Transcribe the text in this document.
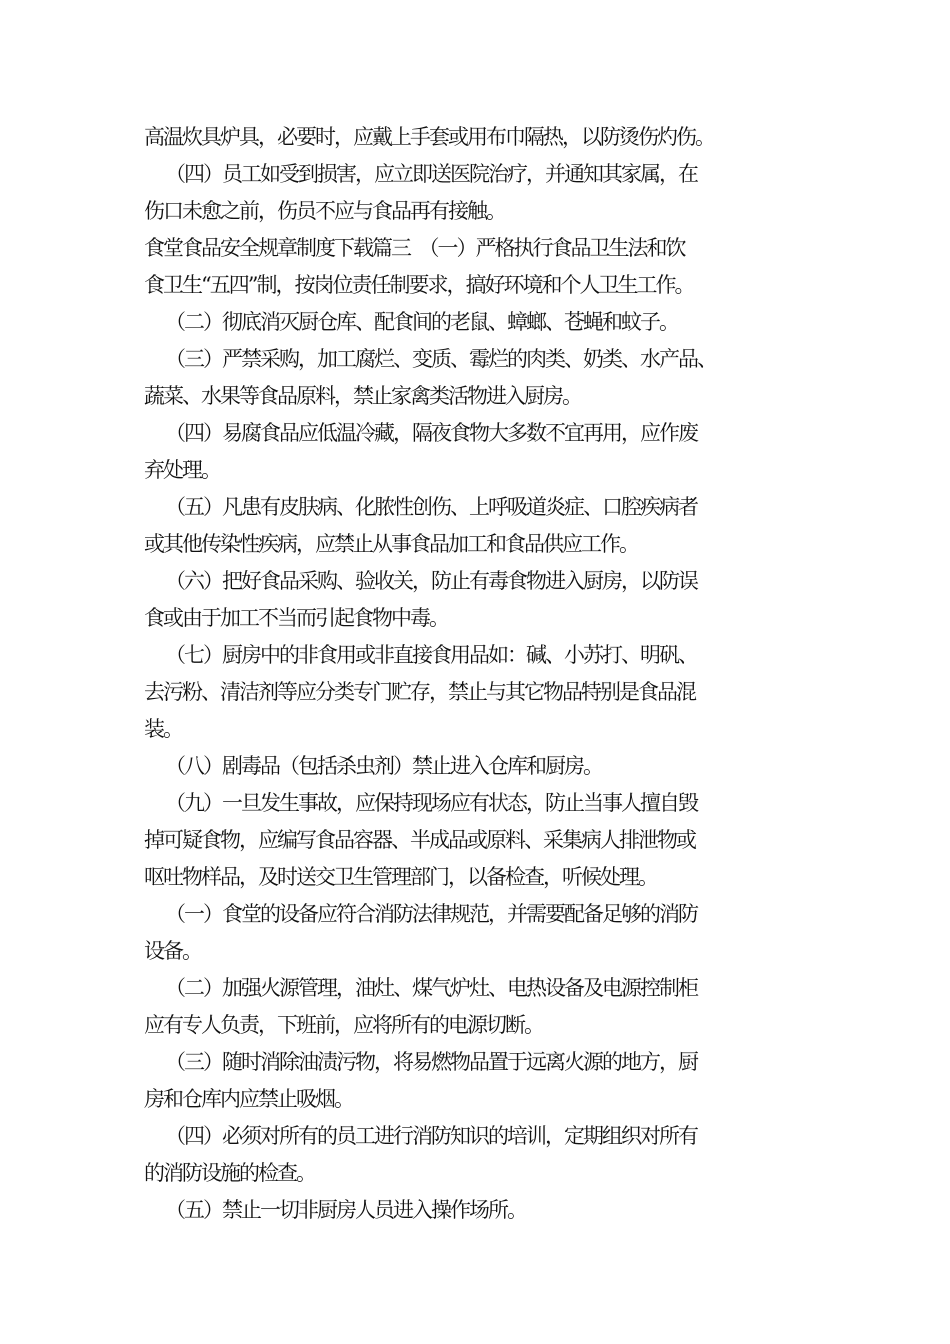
高温炊具炉具，必要时，应戴上手套或用布巾隔热，以防烫伤灼伤。
（四）员工如受到损害，应立即送医院治疗，并通知其家属，在
伤口未愈之前，伤员不应与食品再有接触。
食堂食品安全规章制度下载篇三　（一）严格执行食品卫生法和饮
食卫生“五四”制，按岗位责任制要求，搞好环境和个人卫生工作。
（二）彻底消灭厨仓库、配食间的老鼠、蟑螂、苍蝇和蚊子。
（三）严禁采购，加工腐烂、变质、霉烂的肉类、奶类、水产品、
蔬菜、水果等食品原料，禁止家禽类活物进入厨房。
（四）易腐食品应低温冷藏，隔夜食物大多数不宜再用，应作废
弃处理。
（五）凡患有皮肤病、化脓性创伤、上呼吸道炎症、口腔疾病者
或其他传染性疾病，应禁止从事食品加工和食品供应工作。
（六）把好食品采购、验收关，防止有毒食物进入厨房，以防误
食或由于加工不当而引起食物中毒。
（七）厨房中的非食用或非直接食用品如：碱、小苏打、明矾、
去污粉、清洁剂等应分类专门贮存，禁止与其它物品特别是食品混
装。
（八）剧毒品（包括杀虫剂）禁止进入仓库和厨房。
（九）一旦发生事故，应保持现场应有状态，防止当事人擅自毁
掉可疑食物，应编写食品容器、半成品或原料、采集病人排泄物或
呕吐物样品，及时送交卫生管理部门，以备检查，听候处理。
（一）食堂的设备应符合消防法律规范，并需要配备足够的消防
设备。
（二）加强火源管理，油灶、煤气炉灶、电热设备及电源控制柜
应有专人负责，下班前，应将所有的电源切断。
（三）随时消除油渍污物，将易燃物品置于远离火源的地方，厨
房和仓库内应禁止吸烟。
（四）必须对所有的员工进行消防知识的培训，定期组织对所有
的消防设施的检查。
（五）禁止一切非厨房人员进入操作场所。
